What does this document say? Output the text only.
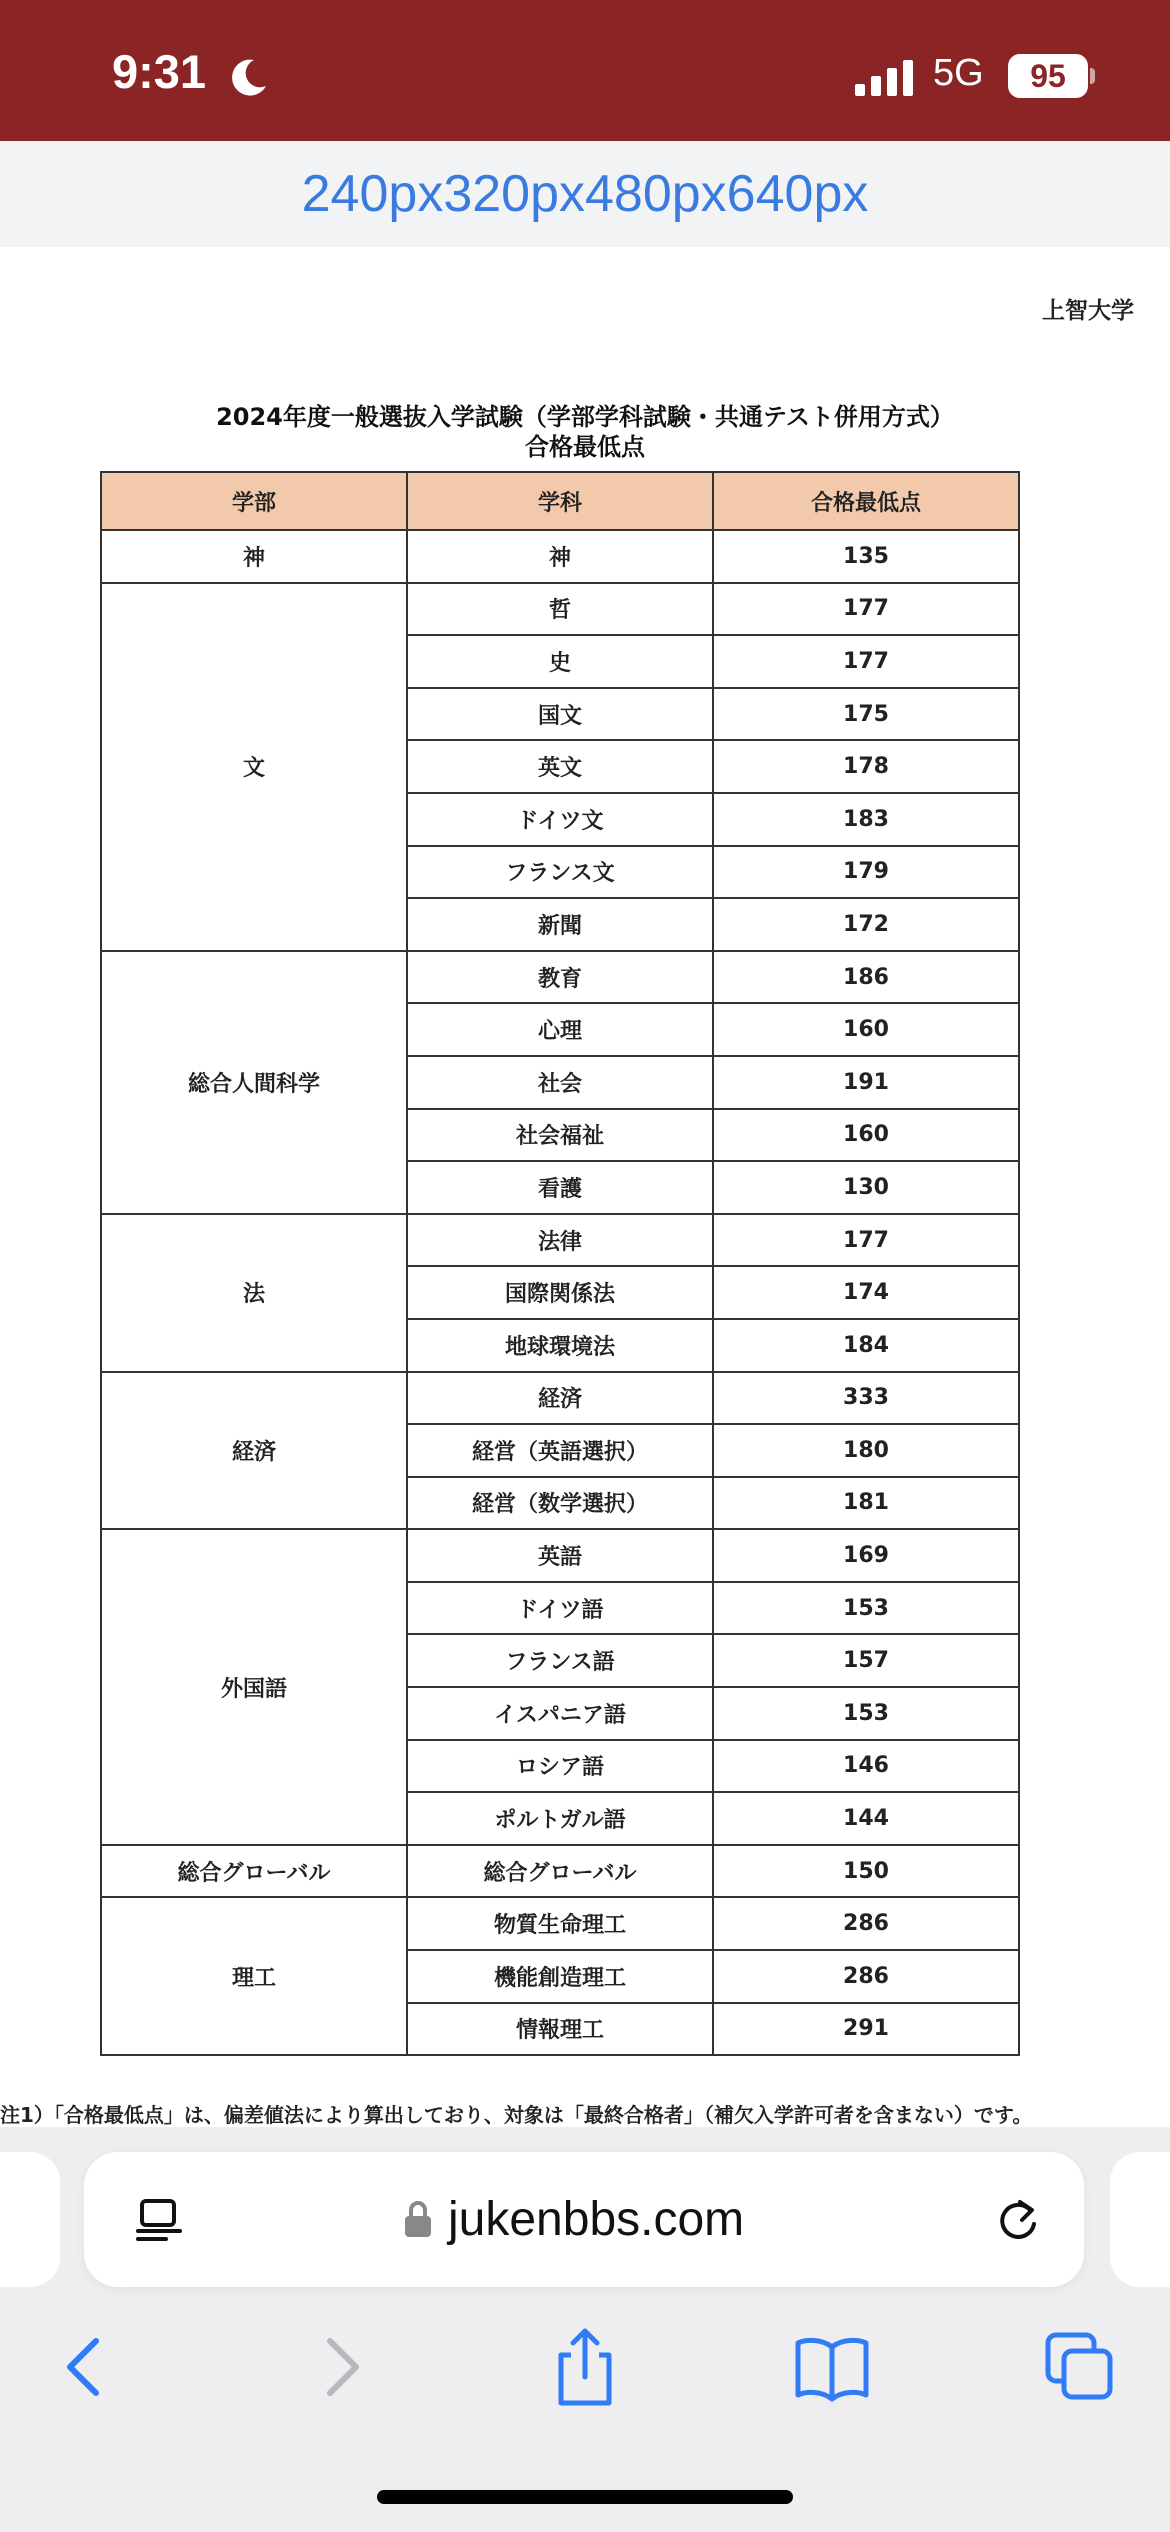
9:31	5G	95
240px320px480px640px
上智大学
2024年度一般選抜入学試験（学部学科試験・共通テスト併用方式）
合格最低点
学部	学科	合格最低点
神	神	135
文	哲	177
	史	177
	国文	175
	英文	178
	ドイツ文	183
	フランス文	179
	新聞	172
総合人間科学	教育	186
	心理	160
	社会	191
	社会福祉	160
	看護	130
法	法律	177
	国際関係法	174
	地球環境法	184
経済	経済	333
	経営（英語選択）	180
	経営（数学選択）	181
外国語	英語	169
	ドイツ語	153
	フランス語	157
	イスパニア語	153
	ロシア語	146
	ポルトガル語	144
総合グローバル	総合グローバル	150
理工	物質生命理工	286
	機能創造理工	286
	情報理工	291
注1）「合格最低点」は、偏差値法により算出しており、対象は「最終合格者」（補欠入学許可者を含まない）です。
jukenbbs.com
